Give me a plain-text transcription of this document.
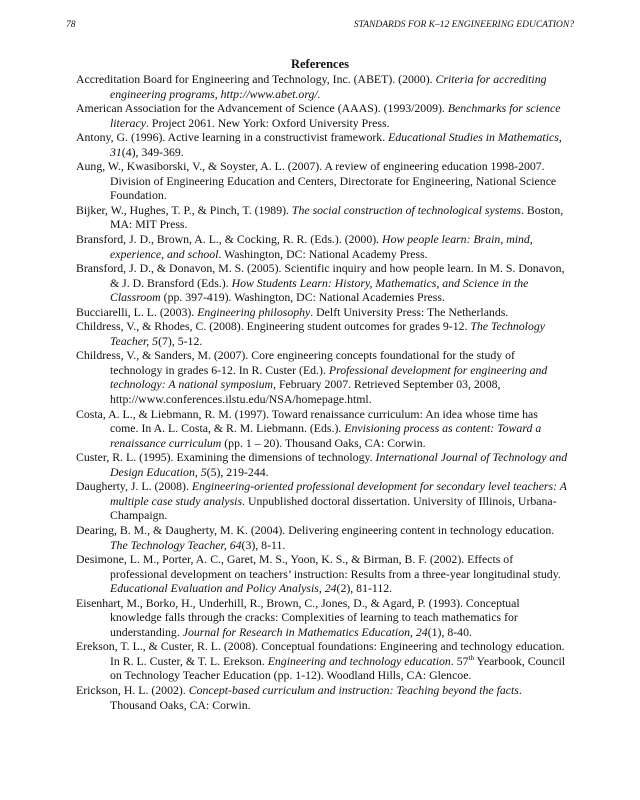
78	STANDARDS FOR K–12 ENGINEERING EDUCATION?
References

Accreditation Board for Engineering and Technology, Inc. (ABET). (2000). Criteria for accrediting engineering programs, http://www.abet.org/.

American Association for the Advancement of Science (AAAS). (1993/2009). Benchmarks for science literacy. Project 2061. New York: Oxford University Press.

Antony, G. (1996). Active learning in a constructivist framework. Educational Studies in Mathematics, 31(4), 349-369.

Aung, W., Kwasiborski, V., & Soyster, A. L. (2007). A review of engineering education 1998-2007. Division of Engineering Education and Centers, Directorate for Engineering, National Science Foundation.

Bijker, W., Hughes, T. P., & Pinch, T. (1989). The social construction of technological systems. Boston, MA: MIT Press.

Bransford, J. D., Brown, A. L., & Cocking, R. R. (Eds.). (2000). How people learn: Brain, mind, experience, and school. Washington, DC: National Academy Press.

Bransford, J. D., & Donavon, M. S. (2005). Scientific inquiry and how people learn. In M. S. Donavon, & J. D. Bransford (Eds.). How Students Learn: History, Mathematics, and Science in the Classroom (pp. 397-419). Washington, DC: National Academies Press.

Bucciarelli, L. L. (2003). Engineering philosophy. Delft University Press: The Netherlands.

Childress, V., & Rhodes, C. (2008). Engineering student outcomes for grades 9-12. The Technology Teacher, 5(7), 5-12.

Childress, V., & Sanders, M. (2007). Core engineering concepts foundational for the study of technology in grades 6-12. In R. Custer (Ed.). Professional development for engineering and technology: A national symposium, February 2007. Retrieved September 03, 2008, http://www.conferences.ilstu.edu/NSA/homepage.html.

Costa, A. L., & Liebmann, R. M. (1997). Toward renaissance curriculum: An idea whose time has come. In A. L. Costa, & R. M. Liebmann. (Eds.). Envisioning process as content: Toward a renaissance curriculum (pp. 1 – 20). Thousand Oaks, CA: Corwin.

Custer, R. L. (1995). Examining the dimensions of technology. International Journal of Technology and Design Education, 5(5), 219-244.

Daugherty, J. L. (2008). Engineering-oriented professional development for secondary level teachers: A multiple case study analysis. Unpublished doctoral dissertation. University of Illinois, Urbana-Champaign.

Dearing, B. M., & Daugherty, M. K. (2004). Delivering engineering content in technology education. The Technology Teacher, 64(3), 8-11.

Desimone, L. M., Porter, A. C., Garet, M. S., Yoon, K. S., & Birman, B. F. (2002). Effects of professional development on teachers’ instruction: Results from a three-year longitudinal study. Educational Evaluation and Policy Analysis, 24(2), 81-112.

Eisenhart, M., Borko, H., Underhill, R., Brown, C., Jones, D., & Agard, P. (1993). Conceptual knowledge falls through the cracks: Complexities of learning to teach mathematics for understanding. Journal for Research in Mathematics Education, 24(1), 8-40.

Erekson, T. L., & Custer, R. L. (2008). Conceptual foundations: Engineering and technology education. In R. L. Custer, & T. L. Erekson. Engineering and technology education. 57th Yearbook, Council on Technology Teacher Education (pp. 1-12). Woodland Hills, CA: Glencoe.

Erickson, H. L. (2002). Concept-based curriculum and instruction: Teaching beyond the facts. Thousand Oaks, CA: Corwin.
